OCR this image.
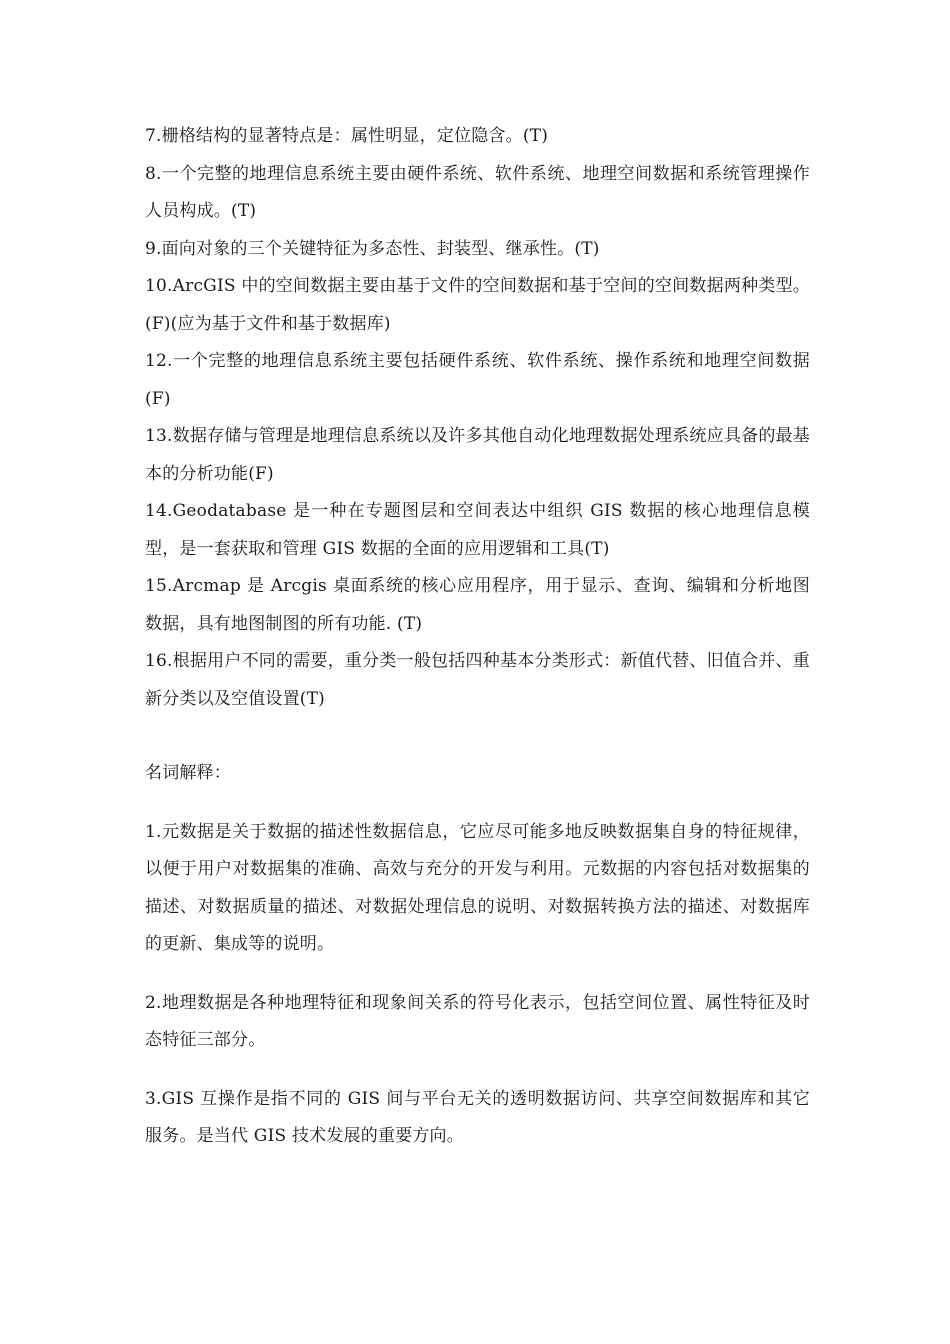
7.栅格结构的显著特点是：属性明显，定位隐含。(T)

8.一个完整的地理信息系统主要由硬件系统、软件系统、地理空间数据和系统管理操作人员构成。(T)

9.面向对象的三个关键特征为多态性、封装型、继承性。(T)

10.ArcGIS 中的空间数据主要由基于文件的空间数据和基于空间的空间数据两种类型。(F)(应为基于文件和基于数据库)

12.一个完整的地理信息系统主要包括硬件系统、软件系统、操作系统和地理空间数据(F)

13.数据存储与管理是地理信息系统以及许多其他自动化地理数据处理系统应具备的最基本的分析功能(F)

14.Geodatabase 是一种在专题图层和空间表达中组织 GIS 数据的核心地理信息模型，是一套获取和管理 GIS 数据的全面的应用逻辑和工具(T)

15.Arcmap 是 Arcgis 桌面系统的核心应用程序，用于显示、查询、编辑和分析地图数据，具有地图制图的所有功能. (T)

16.根据用户不同的需要，重分类一般包括四种基本分类形式：新值代替、旧值合并、重新分类以及空值设置(T)

名词解释：

1.元数据是关于数据的描述性数据信息，它应尽可能多地反映数据集自身的特征规律，以便于用户对数据集的准确、高效与充分的开发与利用。元数据的内容包括对数据集的描述、对数据质量的描述、对数据处理信息的说明、对数据转换方法的描述、对数据库的更新、集成等的说明。

2.地理数据是各种地理特征和现象间关系的符号化表示，包括空间位置、属性特征及时态特征三部分。

3.GIS 互操作是指不同的 GIS 间与平台无关的透明数据访问、共享空间数据库和其它服务。是当代 GIS 技术发展的重要方向。
